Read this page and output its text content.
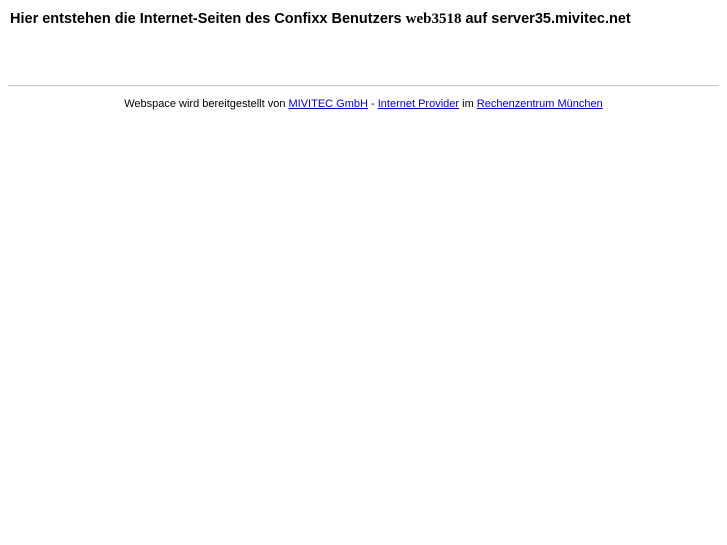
Hier entstehen die Internet-Seiten des Confixx Benutzers web3518 auf server35.mivitec.net
Webspace wird bereitgestellt von MIVITEC GmbH - Internet Provider im Rechenzentrum München
